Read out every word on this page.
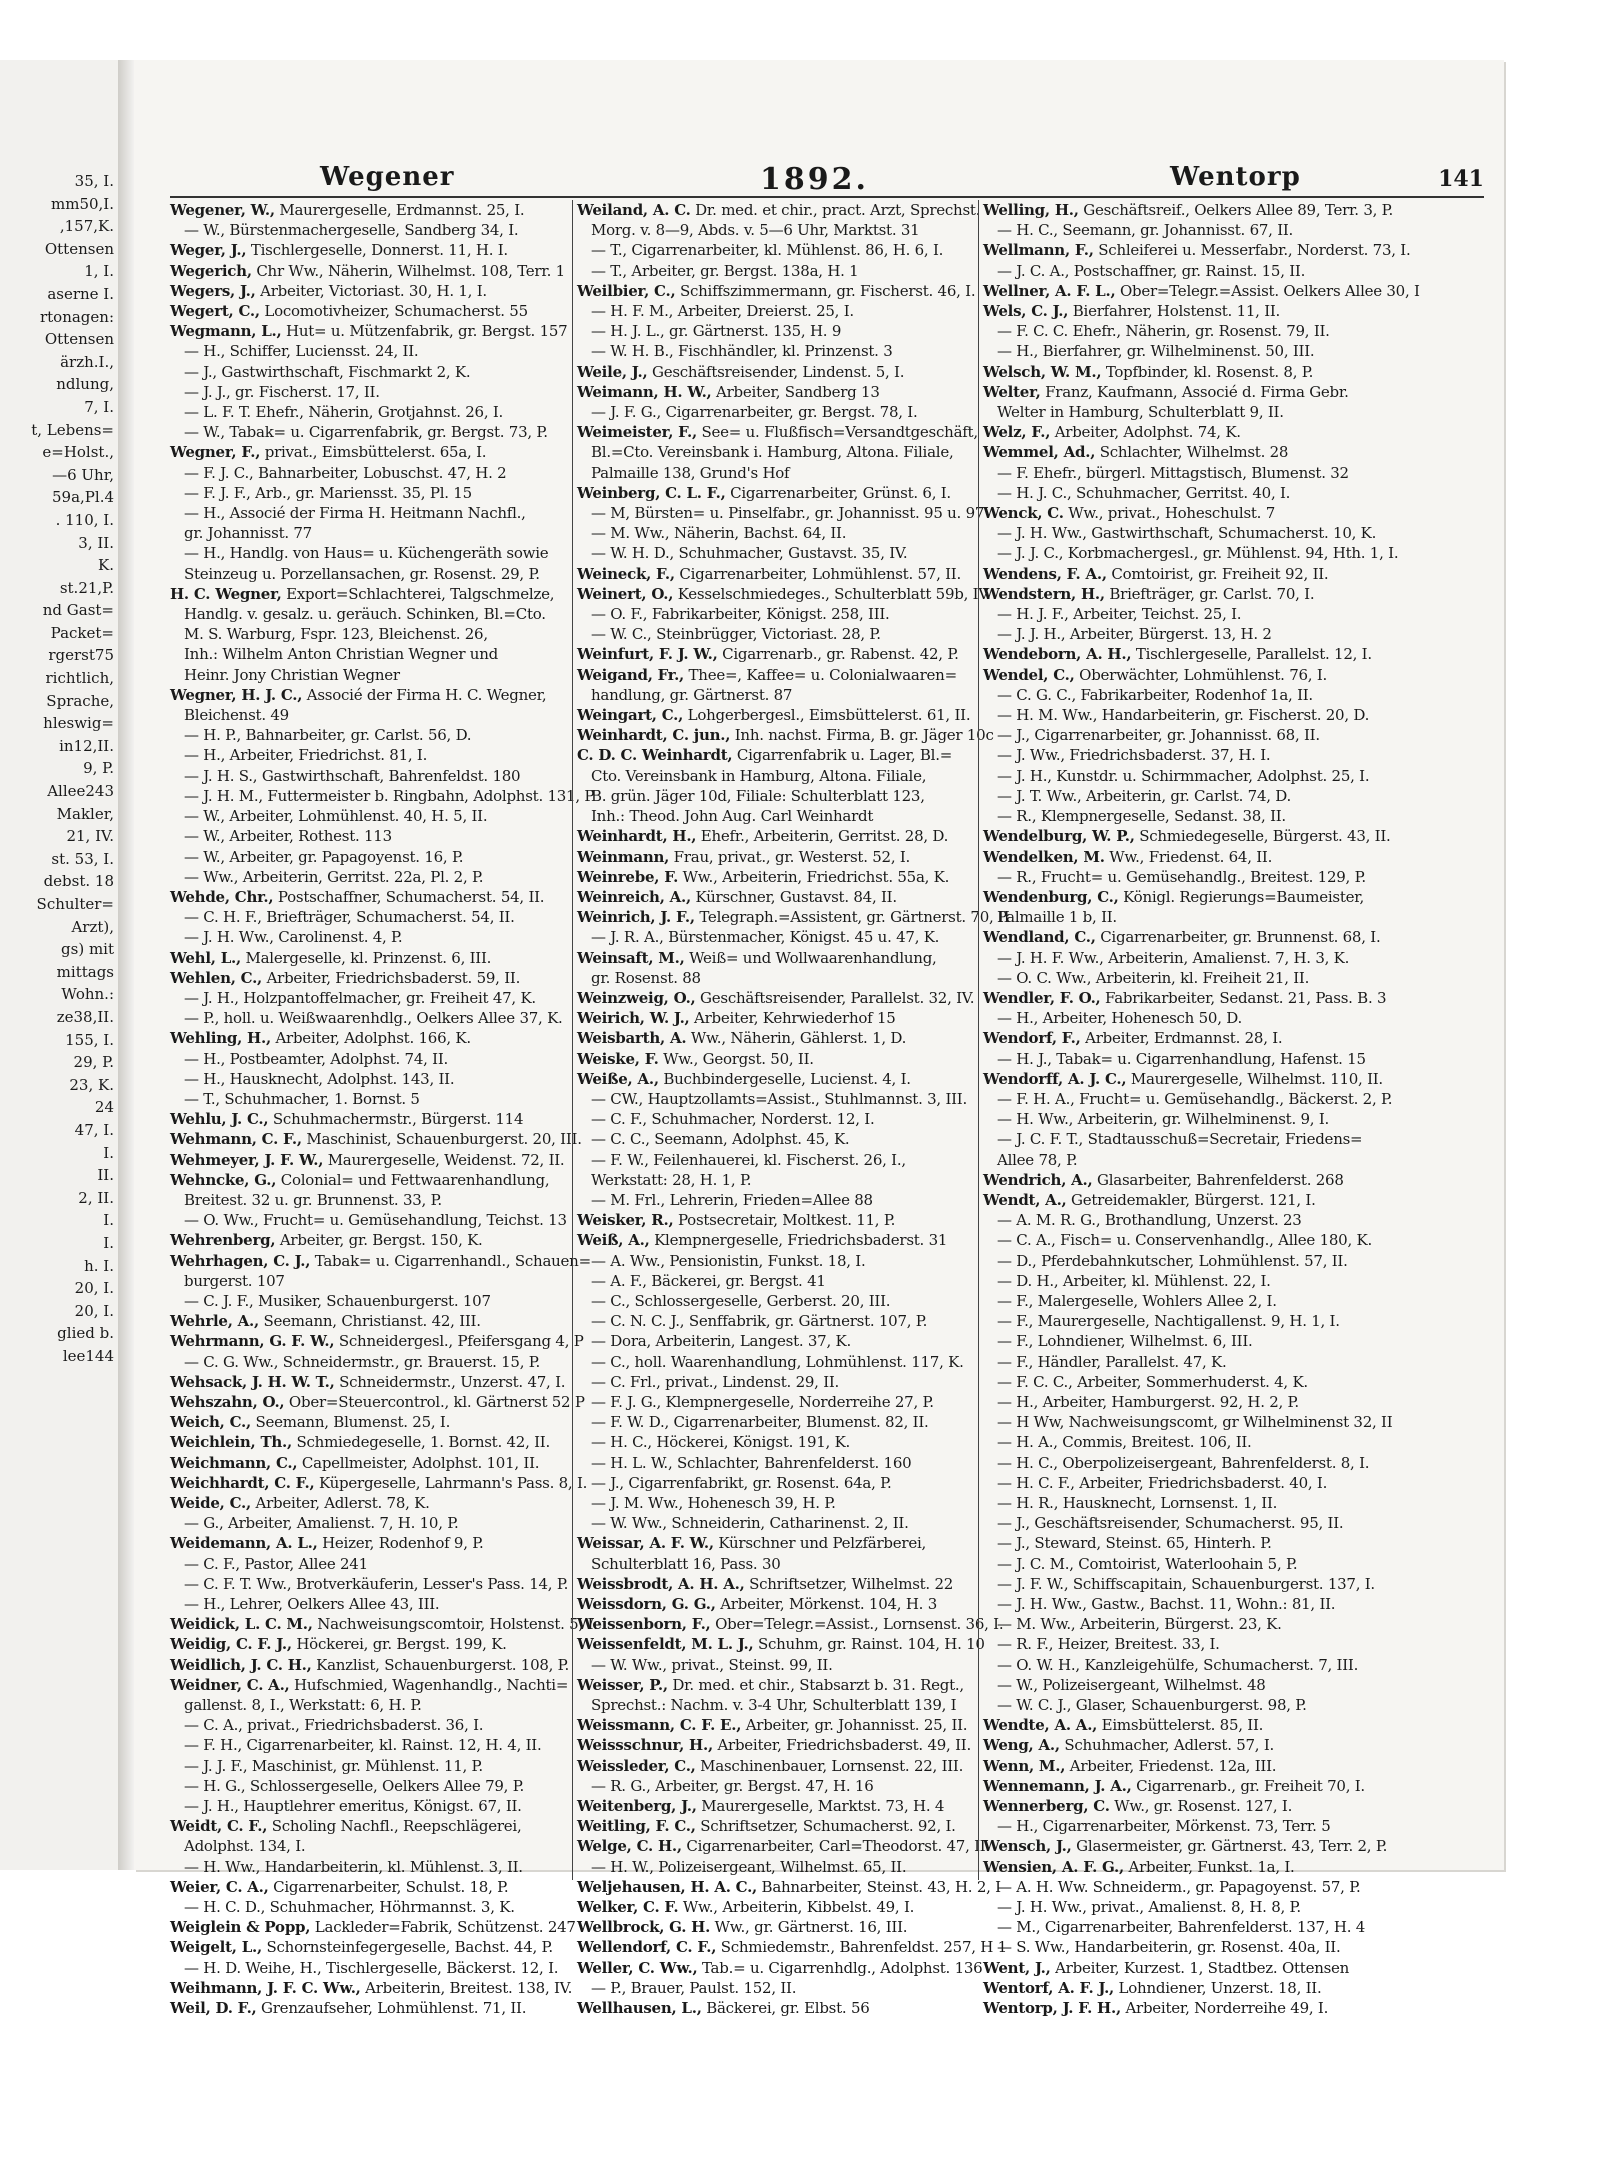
35, I.
mm50,I.
,157,K.
Ottensen
1, I.
aserne I.
rtonagen:
Ottensen
ärzh.I.,
ndlung,
7, I.
t, Lebens=
e=Holst.,
—6 Uhr,
59a,Pl.4
. 110, I.
3, II.
K.
st.21,P.
nd Gast=
Packet=
rgerst75
richtlich,
Sprache,
hleswig=
in12,II.
9, P.
Allee243
Makler,
21, IV.
st. 53, I.
debst. 18
Schulter=
Arzt),
gs) mit
mittags
Wohn.:
ze38,II.
155, I.
29, P.
23, K.
24
47, I.
I.
II.
2, II.
I.
I.
h. I.
20, I.
20, I.
glied b.
lee144
Wegener	1892.	Wentorp	141
Wegener, W., Maurergeselle, Erdmannst. 25, I.
— W., Bürstenmachergeselle, Sandberg 34, I.
Weger, J., Tischlergeselle, Donnerst. 11, H. I.
Wegerich, Chr Ww., Näherin, Wilhelmst. 108, Terr. 1
Wegers, J., Arbeiter, Victoriast. 30, H. 1, I.
Wegert, C., Locomotivheizer, Schumacherst. 55
Wegmann, L., Hut= u. Mützenfabrik, gr. Bergst. 157
— H., Schiffer, Luciensst. 24, II.
— J., Gastwirthschaft, Fischmarkt 2, K.
— J. J., gr. Fischerst. 17, II.
— L. F. T. Ehefr., Näherin, Grotjahnst. 26, I.
— W., Tabak= u. Cigarrenfabrik, gr. Bergst. 73, P.
Wegner, F., privat., Eimsbüttelerst. 65a, I.
— F. J. C., Bahnarbeiter, Lobuschst. 47, H. 2
— F. J. F., Arb., gr. Mariensst. 35, Pl. 15
— H., Associé der Firma H. Heitmann Nachfl.,
gr. Johannisst. 77
— H., Handlg. von Haus= u. Küchengeräth sowie
Steinzeug u. Porzellansachen, gr. Rosenst. 29, P.
H. C. Wegner, Export=Schlachterei, Talgschmelze,
Handlg. v. gesalz. u. geräuch. Schinken, Bl.=Cto.
M. S. Warburg, Fspr. 123, Bleichenst. 26,
Inh.: Wilhelm Anton Christian Wegner und
Heinr. Jony Christian Wegner
Wegner, H. J. C., Associé der Firma H. C. Wegner,
Bleichenst. 49
— H. P., Bahnarbeiter, gr. Carlst. 56, D.
— H., Arbeiter, Friedrichst. 81, I.
— J. H. S., Gastwirthschaft, Bahrenfeldst. 180
— J. H. M., Futtermeister b. Ringbahn, Adolphst. 131, P
— W., Arbeiter, Lohmühlenst. 40, H. 5, II.
— W., Arbeiter, Rothest. 113
— W., Arbeiter, gr. Papagoyenst. 16, P.
— Ww., Arbeiterin, Gerritst. 22a, Pl. 2, P.
Wehde, Chr., Postschaffner, Schumacherst. 54, II.
— C. H. F., Briefträger, Schumacherst. 54, II.
— J. H. Ww., Carolinenst. 4, P.
Wehl, L., Malergeselle, kl. Prinzenst. 6, III.
Wehlen, C., Arbeiter, Friedrichsbaderst. 59, II.
— J. H., Holzpantoffelmacher, gr. Freiheit 47, K.
— P., holl. u. Weißwaarenhdlg., Oelkers Allee 37, K.
Wehling, H., Arbeiter, Adolphst. 166, K.
— H., Postbeamter, Adolphst. 74, II.
— H., Hausknecht, Adolphst. 143, II.
— T., Schuhmacher, 1. Bornst. 5
Wehlu, J. C., Schuhmachermstr., Bürgerst. 114
Wehmann, C. F., Maschinist, Schauenburgerst. 20, III.
Wehmeyer, J. F. W., Maurergeselle, Weidenst. 72, II.
Wehncke, G., Colonial= und Fettwaarenhandlung,
Breitest. 32 u. gr. Brunnenst. 33, P.
— O. Ww., Frucht= u. Gemüsehandlung, Teichst. 13
Wehrenberg, Arbeiter, gr. Bergst. 150, K.
Wehrhagen, C. J., Tabak= u. Cigarrenhandl., Schauen=
burgerst. 107
— C. J. F., Musiker, Schauenburgerst. 107
Wehrle, A., Seemann, Christianst. 42, III.
Wehrmann, G. F. W., Schneidergesl., Pfeifersgang 4, P
— C. G. Ww., Schneidermstr., gr. Brauerst. 15, P.
Wehsack, J. H. W. T., Schneidermstr., Unzerst. 47, I.
Wehszahn, O., Ober=Steuercontrol., kl. Gärtnerst 52 P
Weich, C., Seemann, Blumenst. 25, I.
Weichlein, Th., Schmiedegeselle, 1. Bornst. 42, II.
Weichmann, C., Capellmeister, Adolphst. 101, II.
Weichhardt, C. F., Küpergeselle, Lahrmann's Pass. 8, I.
Weide, C., Arbeiter, Adlerst. 78, K.
— G., Arbeiter, Amalienst. 7, H. 10, P.
Weidemann, A. L., Heizer, Rodenhof 9, P.
— C. F., Pastor, Allee 241
— C. F. T. Ww., Brotverkäuferin, Lesser's Pass. 14, P.
— H., Lehrer, Oelkers Allee 43, III.
Weidick, L. C. M., Nachweisungscomtoir, Holstenst. 5, I.
Weidig, C. F. J., Höckerei, gr. Bergst. 199, K.
Weidlich, J. C. H., Kanzlist, Schauenburgerst. 108, P.
Weidner, C. A., Hufschmied, Wagenhandlg., Nachti=
gallenst. 8, I., Werkstatt: 6, H. P.
— C. A., privat., Friedrichsbaderst. 36, I.
— F. H., Cigarrenarbeiter, kl. Rainst. 12, H. 4, II.
— J. J. F., Maschinist, gr. Mühlenst. 11, P.
— H. G., Schlossergeselle, Oelkers Allee 79, P.
— J. H., Hauptlehrer emeritus, Königst. 67, II.
Weidt, C. F., Scholing Nachfl., Reepschlägerei,
Adolphst. 134, I.
— H. Ww., Handarbeiterin, kl. Mühlenst. 3, II.
Weier, C. A., Cigarrenarbeiter, Schulst. 18, P.
— H. C. D., Schuhmacher, Höhrmannst. 3, K.
Weiglein & Popp, Lackleder=Fabrik, Schützenst. 247
Weigelt, L., Schornsteinfegergeselle, Bachst. 44, P.
— H. D. Weihe, H., Tischlergeselle, Bäckerst. 12, I.
Weihmann, J. F. C. Ww., Arbeiterin, Breitest. 138, IV.
Weil, D. F., Grenzaufseher, Lohmühlenst. 71, II.
Weiland, A. C. Dr. med. et chir., pract. Arzt, Sprechst.
Morg. v. 8—9, Abds. v. 5—6 Uhr, Marktst. 31
— T., Cigarrenarbeiter, kl. Mühlenst. 86, H. 6, I.
— T., Arbeiter, gr. Bergst. 138a, H. 1
Weilbier, C., Schiffszimmermann, gr. Fischerst. 46, I.
— H. F. M., Arbeiter, Dreierst. 25, I.
— H. J. L., gr. Gärtnerst. 135, H. 9
— W. H. B., Fischhändler, kl. Prinzenst. 3
Weile, J., Geschäftsreisender, Lindenst. 5, I.
Weimann, H. W., Arbeiter, Sandberg 13
— J. F. G., Cigarrenarbeiter, gr. Bergst. 78, I.
Weimeister, F., See= u. Flußfisch=Versandtgeschäft,
Bl.=Cto. Vereinsbank i. Hamburg, Altona. Filiale,
Palmaille 138, Grund's Hof
Weinberg, C. L. F., Cigarrenarbeiter, Grünst. 6, I.
— M, Bürsten= u. Pinselfabr., gr. Johannisst. 95 u. 97
— M. Ww., Näherin, Bachst. 64, II.
— W. H. D., Schuhmacher, Gustavst. 35, IV.
Weineck, F., Cigarrenarbeiter, Lohmühlenst. 57, II.
Weinert, O., Kesselschmiedeges., Schulterblatt 59b, IV.
— O. F., Fabrikarbeiter, Königst. 258, III.
— W. C., Steinbrügger, Victoriast. 28, P.
Weinfurt, F. J. W., Cigarrenarb., gr. Rabenst. 42, P.
Weigand, Fr., Thee=, Kaffee= u. Colonialwaaren=
handlung, gr. Gärtnerst. 87
Weingart, C., Lohgerbergesl., Eimsbüttelerst. 61, II.
Weinhardt, C. jun., Inh. nachst. Firma, B. gr. Jäger 10c
C. D. C. Weinhardt, Cigarrenfabrik u. Lager, Bl.=
Cto. Vereinsbank in Hamburg, Altona. Filiale,
B. grün. Jäger 10d, Filiale: Schulterblatt 123,
Inh.: Theod. John Aug. Carl Weinhardt
Weinhardt, H., Ehefr., Arbeiterin, Gerritst. 28, D.
Weinmann, Frau, privat., gr. Westerst. 52, I.
Weinrebe, F. Ww., Arbeiterin, Friedrichst. 55a, K.
Weinreich, A., Kürschner, Gustavst. 84, II.
Weinrich, J. F., Telegraph.=Assistent, gr. Gärtnerst. 70, II
— J. R. A., Bürstenmacher, Königst. 45 u. 47, K.
Weinsaft, M., Weiß= und Wollwaarenhandlung,
gr. Rosenst. 88
Weinzweig, O., Geschäftsreisender, Parallelst. 32, IV.
Weirich, W. J., Arbeiter, Kehrwiederhof 15
Weisbarth, A. Ww., Näherin, Gählerst. 1, D.
Weiske, F. Ww., Georgst. 50, II.
Weiße, A., Buchbindergeselle, Lucienst. 4, I.
— CW., Hauptzollamts=Assist., Stuhlmannst. 3, III.
— C. F., Schuhmacher, Norderst. 12, I.
— C. C., Seemann, Adolphst. 45, K.
— F. W., Feilenhauerei, kl. Fischerst. 26, I.,
Werkstatt: 28, H. 1, P.
— M. Frl., Lehrerin, Frieden=Allee 88
Weisker, R., Postsecretair, Moltkest. 11, P.
Weiß, A., Klempnergeselle, Friedrichsbaderst. 31
— A. Ww., Pensionistin, Funkst. 18, I.
— A. F., Bäckerei, gr. Bergst. 41
— C., Schlossergeselle, Gerberst. 20, III.
— C. N. C. J., Senffabrik, gr. Gärtnerst. 107, P.
— Dora, Arbeiterin, Langest. 37, K.
— C., holl. Waarenhandlung, Lohmühlenst. 117, K.
— C. Frl., privat., Lindenst. 29, II.
— F. J. G., Klempnergeselle, Norderreihe 27, P.
— F. W. D., Cigarrenarbeiter, Blumenst. 82, II.
— H. C., Höckerei, Königst. 191, K.
— H. L. W., Schlachter, Bahrenfelderst. 160
— J., Cigarrenfabrikt, gr. Rosenst. 64a, P.
— J. M. Ww., Hohenesch 39, H. P.
— W. Ww., Schneiderin, Catharinenst. 2, II.
Weissar, A. F. W., Kürschner und Pelzfärberei,
Schulterblatt 16, Pass. 30
Weissbrodt, A. H. A., Schriftsetzer, Wilhelmst. 22
Weissdorn, G. G., Arbeiter, Mörkenst. 104, H. 3
Weissenborn, F., Ober=Telegr.=Assist., Lornsenst. 36, I.
Weissenfeldt, M. L. J., Schuhm, gr. Rainst. 104, H. 10
— W. Ww., privat., Steinst. 99, II.
Weisser, P., Dr. med. et chir., Stabsarzt b. 31. Regt.,
Sprechst.: Nachm. v. 3-4 Uhr, Schulterblatt 139, I
Weissmann, C. F. E., Arbeiter, gr. Johannisst. 25, II.
Weissschnur, H., Arbeiter, Friedrichsbaderst. 49, II.
Weissleder, C., Maschinenbauer, Lornsenst. 22, III.
— R. G., Arbeiter, gr. Bergst. 47, H. 16
Weitenberg, J., Maurergeselle, Marktst. 73, H. 4
Weitling, F. C., Schriftsetzer, Schumacherst. 92, I.
Welge, C. H., Cigarrenarbeiter, Carl=Theodorst. 47, II.
— H. W., Polizeisergeant, Wilhelmst. 65, II.
Weljehausen, H. A. C., Bahnarbeiter, Steinst. 43, H. 2, I
Welker, C. F. Ww., Arbeiterin, Kibbelst. 49, I.
Wellbrock, G. H. Ww., gr. Gärtnerst. 16, III.
Wellendorf, C. F., Schmiedemstr., Bahrenfeldst. 257, H 1
Weller, C. Ww., Tab.= u. Cigarrenhdlg., Adolphst. 136
— P., Brauer, Paulst. 152, II.
Wellhausen, L., Bäckerei, gr. Elbst. 56
Welling, H., Geschäftsreif., Oelkers Allee 89, Terr. 3, P.
— H. C., Seemann, gr. Johannisst. 67, II.
Wellmann, F., Schleiferei u. Messerfabr., Norderst. 73, I.
— J. C. A., Postschaffner, gr. Rainst. 15, II.
Wellner, A. F. L., Ober=Telegr.=Assist. Oelkers Allee 30, I
Wels, C. J., Bierfahrer, Holstenst. 11, II.
— F. C. C. Ehefr., Näherin, gr. Rosenst. 79, II.
— H., Bierfahrer, gr. Wilhelminenst. 50, III.
Welsch, W. M., Topfbinder, kl. Rosenst. 8, P.
Welter, Franz, Kaufmann, Associé d. Firma Gebr.
Welter in Hamburg, Schulterblatt 9, II.
Welz, F., Arbeiter, Adolphst. 74, K.
Wemmel, Ad., Schlachter, Wilhelmst. 28
— F. Ehefr., bürgerl. Mittagstisch, Blumenst. 32
— H. J. C., Schuhmacher, Gerritst. 40, I.
Wenck, C. Ww., privat., Hoheschulst. 7
— J. H. Ww., Gastwirthschaft, Schumacherst. 10, K.
— J. J. C., Korbmachergesl., gr. Mühlenst. 94, Hth. 1, I.
Wendens, F. A., Comtoirist, gr. Freiheit 92, II.
Wendstern, H., Briefträger, gr. Carlst. 70, I.
— H. J. F., Arbeiter, Teichst. 25, I.
— J. J. H., Arbeiter, Bürgerst. 13, H. 2
Wendeborn, A. H., Tischlergeselle, Parallelst. 12, I.
Wendel, C., Oberwächter, Lohmühlenst. 76, I.
— C. G. C., Fabrikarbeiter, Rodenhof 1a, II.
— H. M. Ww., Handarbeiterin, gr. Fischerst. 20, D.
— J., Cigarrenarbeiter, gr. Johannisst. 68, II.
— J. Ww., Friedrichsbaderst. 37, H. I.
— J. H., Kunstdr. u. Schirmmacher, Adolphst. 25, I.
— J. T. Ww., Arbeiterin, gr. Carlst. 74, D.
— R., Klempnergeselle, Sedanst. 38, II.
Wendelburg, W. P., Schmiedegeselle, Bürgerst. 43, II.
Wendelken, M. Ww., Friedenst. 64, II.
— R., Frucht= u. Gemüsehandlg., Breitest. 129, P.
Wendenburg, C., Königl. Regierungs=Baumeister,
Palmaille 1 b, II.
Wendland, C., Cigarrenarbeiter, gr. Brunnenst. 68, I.
— J. H. F. Ww., Arbeiterin, Amalienst. 7, H. 3, K.
— O. C. Ww., Arbeiterin, kl. Freiheit 21, II.
Wendler, F. O., Fabrikarbeiter, Sedanst. 21, Pass. B. 3
— H., Arbeiter, Hohenesch 50, D.
Wendorf, F., Arbeiter, Erdmannst. 28, I.
— H. J., Tabak= u. Cigarrenhandlung, Hafenst. 15
Wendorff, A. J. C., Maurergeselle, Wilhelmst. 110, II.
— F. H. A., Frucht= u. Gemüsehandlg., Bäckerst. 2, P.
— H. Ww., Arbeiterin, gr. Wilhelminenst. 9, I.
— J. C. F. T., Stadtausschuß=Secretair, Friedens=
Allee 78, P.
Wendrich, A., Glasarbeiter, Bahrenfelderst. 268
Wendt, A., Getreidemakler, Bürgerst. 121, I.
— A. M. R. G., Brothandlung, Unzerst. 23
— C. A., Fisch= u. Conservenhandlg., Allee 180, K.
— D., Pferdebahnkutscher, Lohmühlenst. 57, II.
— D. H., Arbeiter, kl. Mühlenst. 22, I.
— F., Malergeselle, Wohlers Allee 2, I.
— F., Maurergeselle, Nachtigallenst. 9, H. 1, I.
— F., Lohndiener, Wilhelmst. 6, III.
— F., Händler, Parallelst. 47, K.
— F. C. C., Arbeiter, Sommerhuderst. 4, K.
— H., Arbeiter, Hamburgerst. 92, H. 2, P.
— H Ww, Nachweisungscomt, gr Wilhelminenst 32, II
— H. A., Commis, Breitest. 106, II.
— H. C., Oberpolizeisergeant, Bahrenfelderst. 8, I.
— H. C. F., Arbeiter, Friedrichsbaderst. 40, I.
— H. R., Hausknecht, Lornsenst. 1, II.
— J., Geschäftsreisender, Schumacherst. 95, II.
— J., Steward, Steinst. 65, Hinterh. P.
— J. C. M., Comtoirist, Waterloohain 5, P.
— J. F. W., Schiffscapitain, Schauenburgerst. 137, I.
— J. H. Ww., Gastw., Bachst. 11, Wohn.: 81, II.
— M. Ww., Arbeiterin, Bürgerst. 23, K.
— R. F., Heizer, Breitest. 33, I.
— O. W. H., Kanzleigehülfe, Schumacherst. 7, III.
— W., Polizeisergeant, Wilhelmst. 48
— W. C. J., Glaser, Schauenburgerst. 98, P.
Wendte, A. A., Eimsbüttelerst. 85, II.
Weng, A., Schuhmacher, Adlerst. 57, I.
Wenn, M., Arbeiter, Friedenst. 12a, III.
Wennemann, J. A., Cigarrenarb., gr. Freiheit 70, I.
Wennerberg, C. Ww., gr. Rosenst. 127, I.
— H., Cigarrenarbeiter, Mörkenst. 73, Terr. 5
Wensch, J., Glasermeister, gr. Gärtnerst. 43, Terr. 2, P.
Wensien, A. F. G., Arbeiter, Funkst. 1a, I.
— A. H. Ww. Schneiderm., gr. Papagoyenst. 57, P.
— J. H. Ww., privat., Amalienst. 8, H. 8, P.
— M., Cigarrenarbeiter, Bahrenfelderst. 137, H. 4
— S. Ww., Handarbeiterin, gr. Rosenst. 40a, II.
Went, J., Arbeiter, Kurzest. 1, Stadtbez. Ottensen
Wentorf, A. F. J., Lohndiener, Unzerst. 18, II.
Wentorp, J. F. H., Arbeiter, Norderreihe 49, I.
